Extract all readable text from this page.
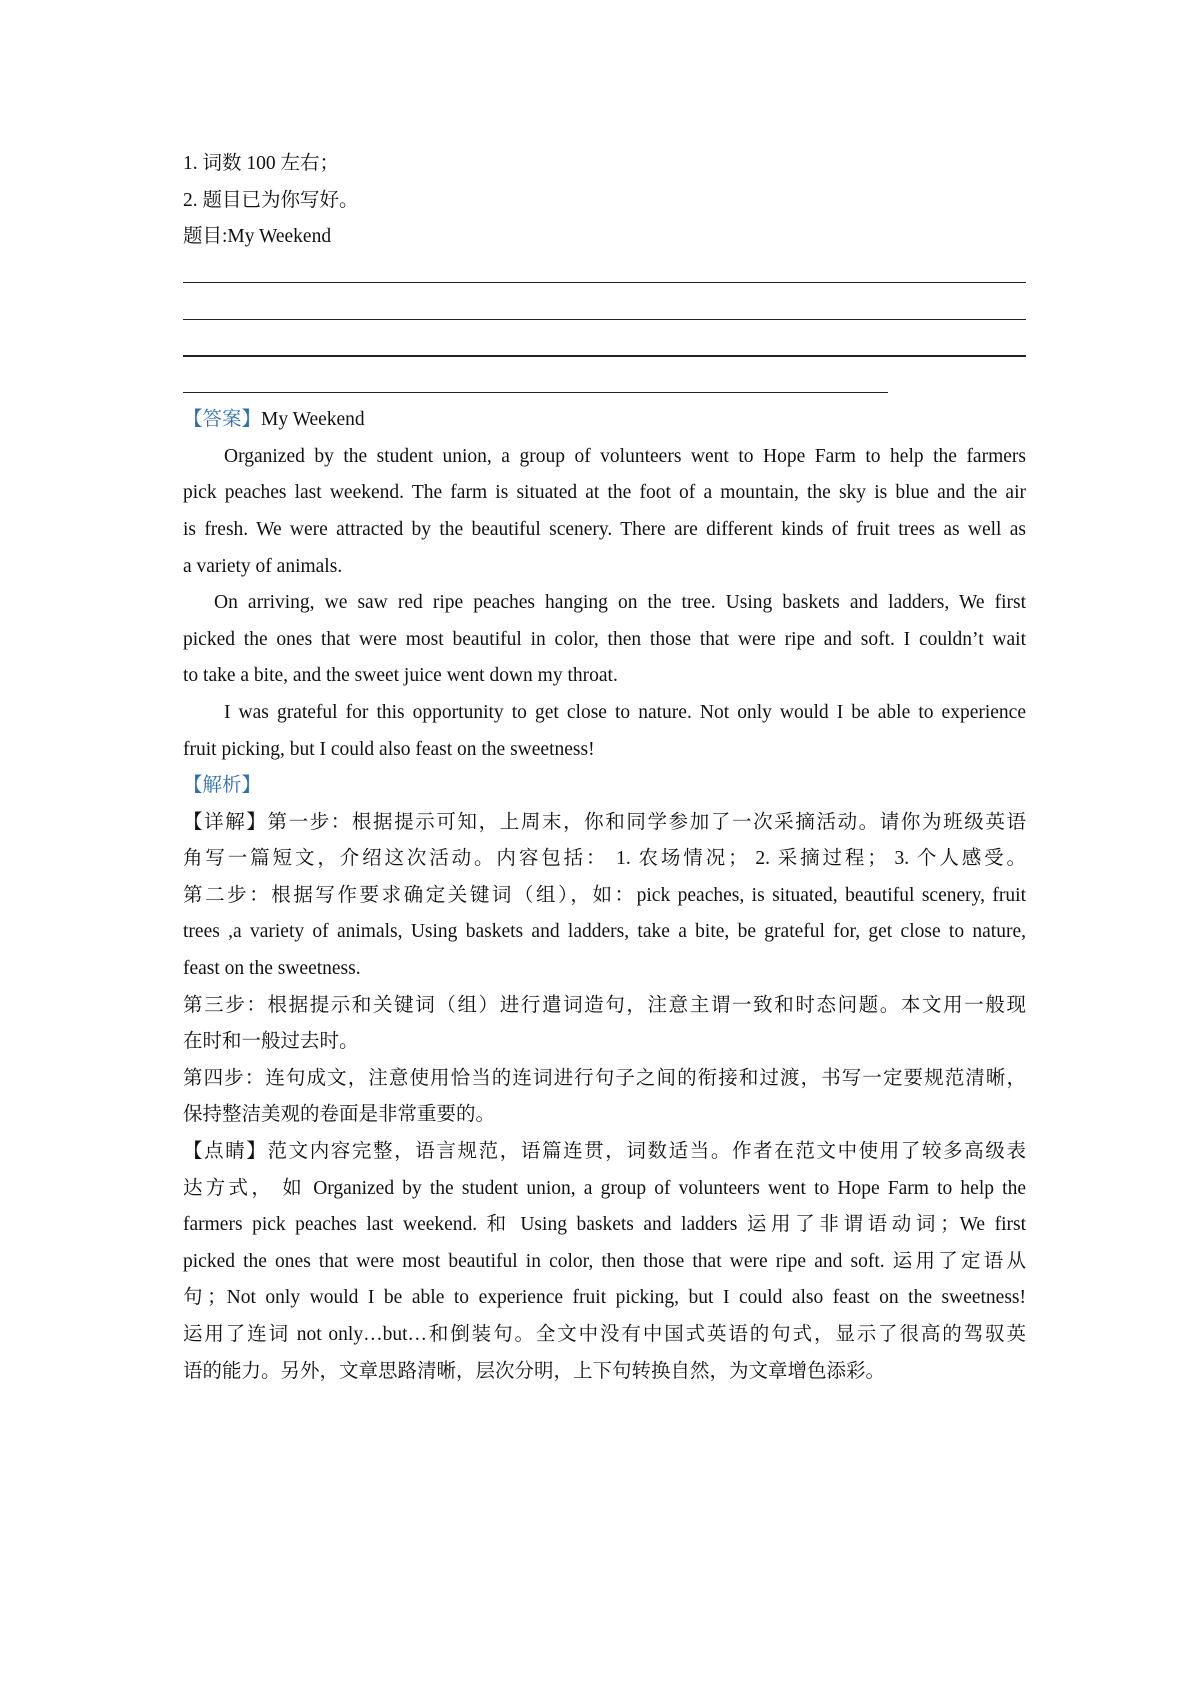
1. 词数 100 左右；
2. 题目已为你写好。
题目:My Weekend
【答案】My Weekend
Organized by the student union, a group of volunteers went to Hope Farm to help the farmers
pick peaches last weekend. The farm is situated at the foot of a mountain, the sky is blue and the air
is fresh. We were attracted by the beautiful scenery. There are different kinds of fruit trees as well as
a variety of animals.
On arriving, we saw red ripe peaches hanging on the tree. Using baskets and ladders, We first
picked the ones that were most beautiful in color, then those that were ripe and soft. I couldn’t wait
to take a bite, and the sweet juice went down my throat.
I was grateful for this opportunity to get close to nature. Not only would I be able to experience
fruit picking, but I could also feast on the sweetness!
【解析】
【详解】第一步：根据提示可知，上周末，你和同学参加了一次采摘活动。请你为班级英语
角写一篇短文，介绍这次活动。内容包括： 1. 农场情况； 2. 采摘过程； 3. 个人感受。
第二步：根据写作要求确定关键词（组），如：pick peaches, is situated, beautiful scenery, fruit
trees ,a variety of animals, Using baskets and ladders, take a bite, be grateful for, get close to nature,
feast on the sweetness.
第三步：根据提示和关键词（组）进行遣词造句，注意主谓一致和时态问题。本文用一般现
在时和一般过去时。
第四步：连句成文，注意使用恰当的连词进行句子之间的衔接和过渡，书写一定要规范清晰，
保持整洁美观的卷面是非常重要的。
【点睛】范文内容完整，语言规范，语篇连贯，词数适当。作者在范文中使用了较多高级表
达方式， 如 Organized by the student union, a group of volunteers went to Hope Farm to help the
farmers pick peaches last weekend. 和 Using baskets and ladders 运用了非谓语动词；We first
picked the ones that were most beautiful in color, then those that were ripe and soft. 运用了定语从
句；Not only would I be able to experience fruit picking, but I could also feast on the sweetness!
运用了连词 not only…but…和倒装句。全文中没有中国式英语的句式，显示了很高的驾驭英
语的能力。另外，文章思路清晰，层次分明，上下句转换自然，为文章增色添彩。
